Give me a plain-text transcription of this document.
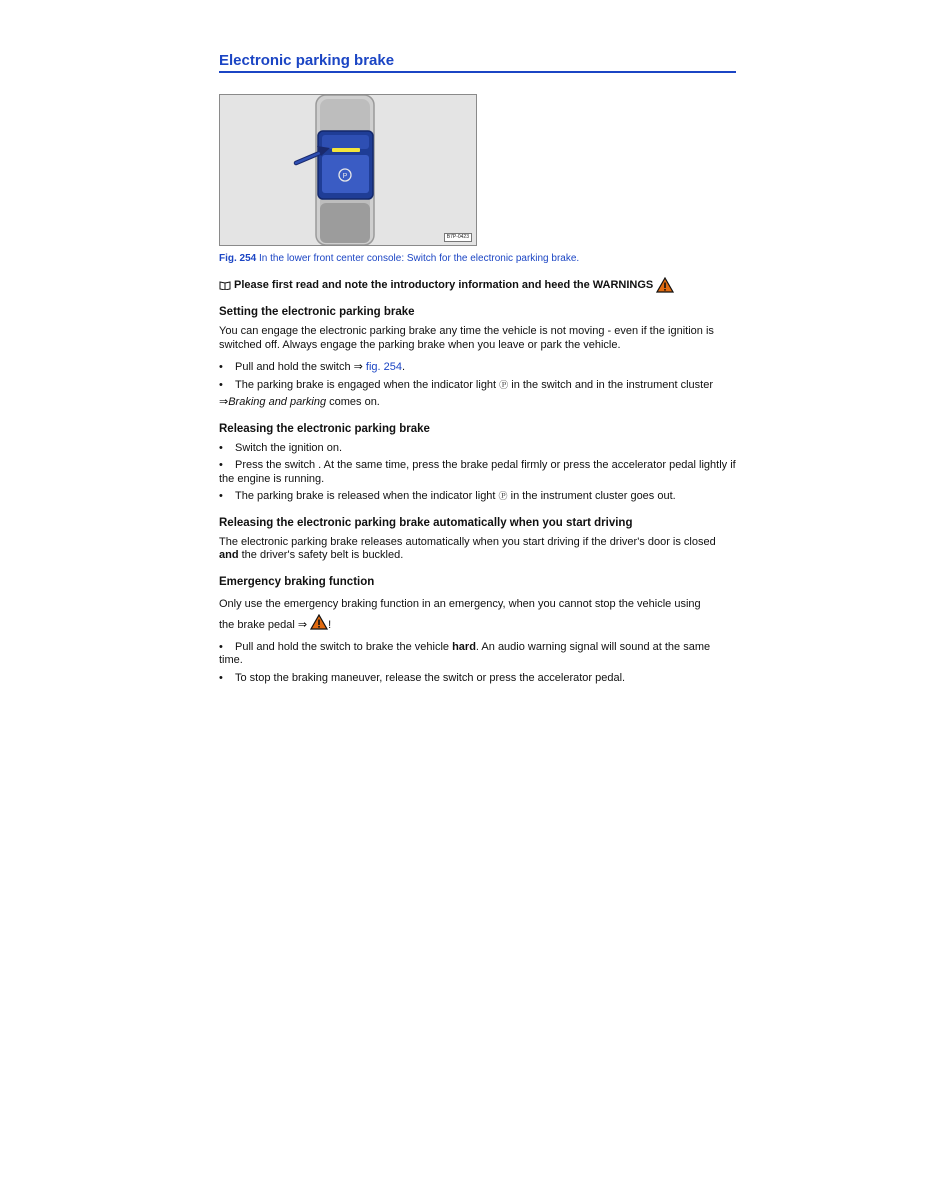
Electronic parking brake
P
B7P-0423
Fig. 254 In the lower front center console: Switch for the electronic parking brake.
Please first read and note the introductory information and heed the WARNINGS
Setting the electronic parking brake

You can engage the electronic parking brake any time the vehicle is not moving - even if the ignition is switched off. Always engage the parking brake when you leave or park the vehicle.

• Pull and hold the switch ⇒ fig. 254.
• The parking brake is engaged when the indicator light Ⓟ in the switch and in the instrument cluster
⇒Braking and parking comes on.
Releasing the electronic parking brake
• Switch the ignition on.
• Press the switch . At the same time, press the brake pedal firmly or press the accelerator pedal lightly if the engine is running.
• The parking brake is released when the indicator light Ⓟ in the instrument cluster goes out.
Releasing the electronic parking brake automatically when you start driving

The electronic parking brake releases automatically when you start driving if the driver's door is closed and the driver's safety belt is buckled.

Emergency braking function

Only use the emergency braking function in an emergency, when you cannot stop the vehicle using
the brake pedal ⇒ !

• Pull and hold the switch to brake the vehicle hard. An audio warning signal will sound at the same time.
• To stop the braking maneuver, release the switch or press the accelerator pedal.
